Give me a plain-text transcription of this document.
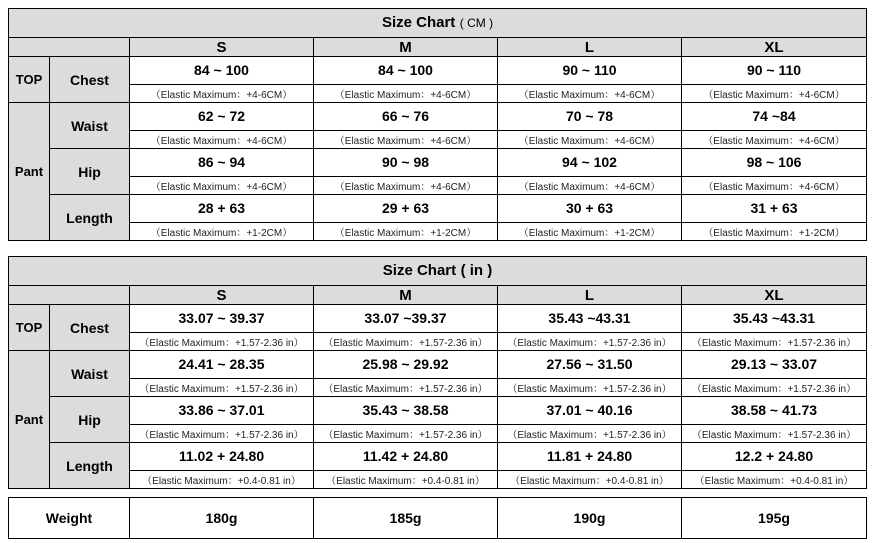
Size Chart ( CM )					
		S	M	L	XL
TOP	Chest	84 ~ 100	84 ~ 100	90 ~ 110	90 ~ 110
		（Elastic Maximum：+4-6CM）	（Elastic Maximum：+4-6CM）	（Elastic Maximum：+4-6CM）	（Elastic Maximum：+4-6CM）
Pant	Waist	62 ~ 72	66 ~ 76	70 ~ 78	74 ~84
		（Elastic Maximum：+4-6CM）	（Elastic Maximum：+4-6CM）	（Elastic Maximum：+4-6CM）	（Elastic Maximum：+4-6CM）
	Hip	86 ~ 94	90 ~ 98	94 ~ 102	98 ~ 106
		（Elastic Maximum：+4-6CM）	（Elastic Maximum：+4-6CM）	（Elastic Maximum：+4-6CM）	（Elastic Maximum：+4-6CM）
	Length	28 + 63	29 + 63	30 + 63	31 + 63
		（Elastic Maximum：+1-2CM）	（Elastic Maximum：+1-2CM）	（Elastic Maximum：+1-2CM）	（Elastic Maximum：+1-2CM）
Size Chart ( in )					
		S	M	L	XL
TOP	Chest	33.07 ~ 39.37	33.07 ~39.37	35.43 ~43.31	35.43 ~43.31
		（Elastic Maximum：+1.57-2.36 in）	（Elastic Maximum：+1.57-2.36 in）	（Elastic Maximum：+1.57-2.36 in）	（Elastic Maximum：+1.57-2.36 in）
Pant	Waist	24.41 ~ 28.35	25.98 ~ 29.92	27.56 ~ 31.50	29.13 ~ 33.07
		（Elastic Maximum：+1.57-2.36 in）	（Elastic Maximum：+1.57-2.36 in）	（Elastic Maximum：+1.57-2.36 in）	（Elastic Maximum：+1.57-2.36 in）
	Hip	33.86 ~ 37.01	35.43 ~ 38.58	37.01 ~ 40.16	38.58 ~ 41.73
		（Elastic Maximum：+1.57-2.36 in）	（Elastic Maximum：+1.57-2.36 in）	（Elastic Maximum：+1.57-2.36 in）	（Elastic Maximum：+1.57-2.36 in）
	Length	11.02 + 24.80	11.42 + 24.80	11.81 + 24.80	12.2 + 24.80
		（Elastic Maximum：+0.4-0.81 in）	（Elastic Maximum：+0.4-0.81 in）	（Elastic Maximum：+0.4-0.81 in）	（Elastic Maximum：+0.4-0.81 in）
Weight	180g	185g	190g	195g
